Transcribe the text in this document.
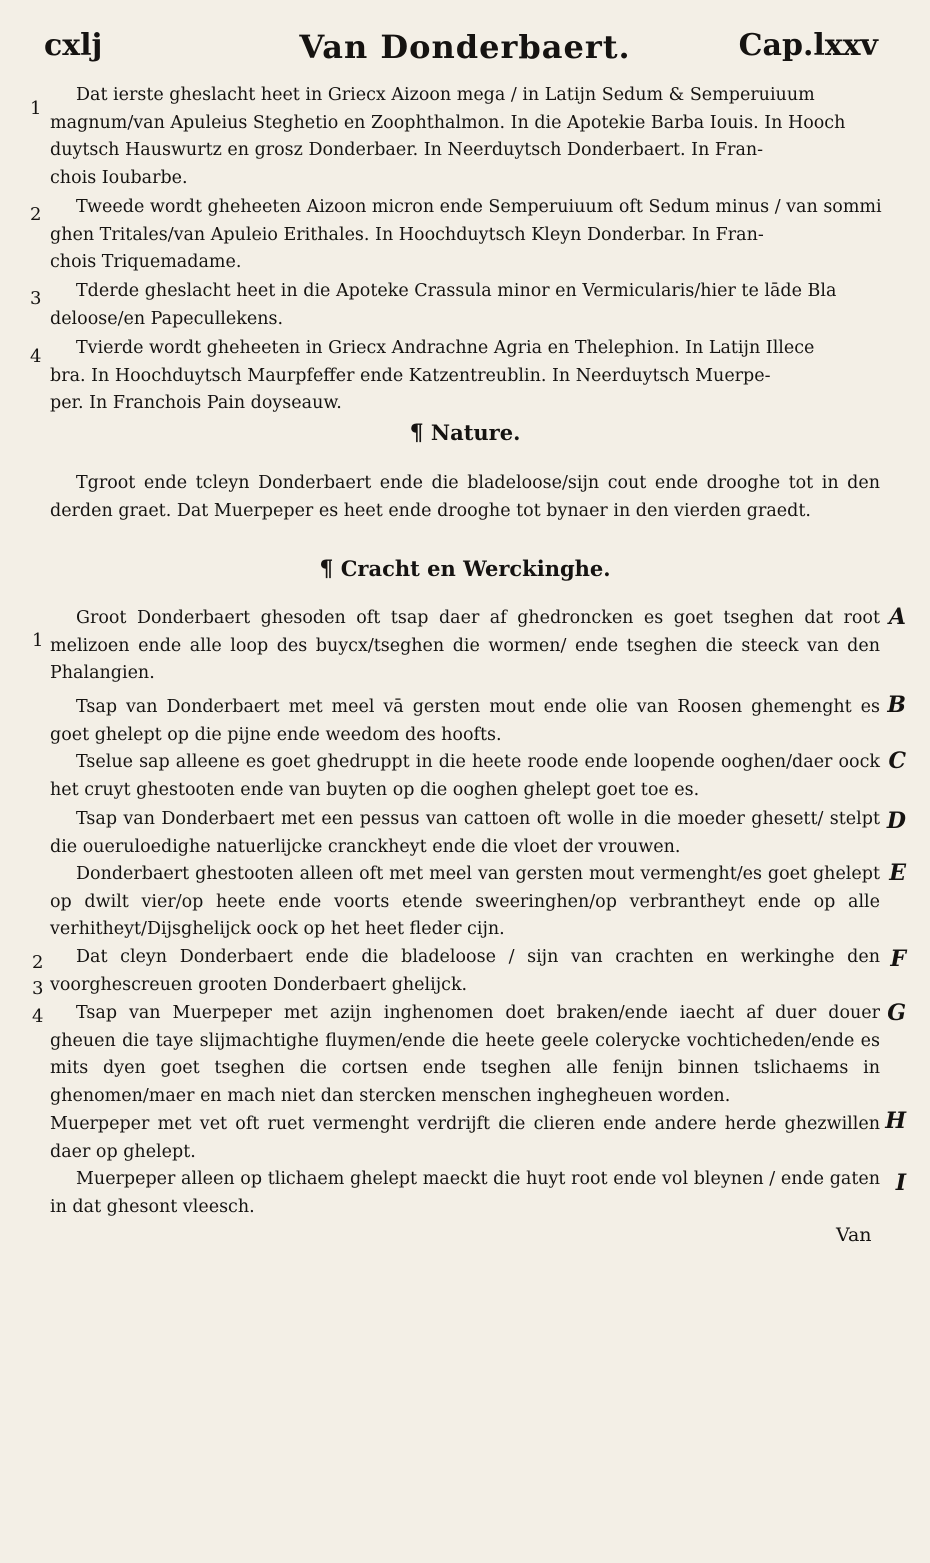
cxlj	Van Donderbaert.	Cap.lxxv
1
Dat ierste gheslacht heet in Griecx Aizoon mega / in Latijn Sedum & Semperuiuum
magnum/van Apuleius Steghetio en Zoophthalmon. In die Apotekie Barba Iouis. In Hooch
duytsch Hauswurtz en grosz Donderbaer. In Neerduytsch Donderbaert. In Fran-
chois Ioubarbe.
2	Tweede wordt gheheeten Aizoon micron ende Semperuiuum oft Sedum minus / van sommi
ghen Tritales/van Apuleio Erithales. In Hoochduytsch Kleyn Donderbar. In Fran-
chois Triquemadame.
3	Tderde gheslacht heet in die Apoteke Crassula minor en Vermicularis/hier te lāde Bla
deloose/en Papecullekens.
4	Tvierde wordt gheheeten in Griecx Andrachne Agria en Thelephion. In Latijn Illece
bra. In Hoochduytsch Maurpfeffer ende Katzentreublin. In Neerduytsch Muerpe-
per. In Franchois Pain doyseauw.
¶ Nature.
Tgroot ende tcleyn Donderbaert ende die bladeloose/sijn cout ende drooghe tot in den derden graet. Dat Muerpeper es heet ende drooghe tot bynaer in den vierden graedt.
¶ Cracht en Werckinghe.
Groot Donderbaert ghesoden oft tsap daer af ghedroncken es goet tseghen dat root melizoen ende alle loop des buycx/tseghen die wormen/ ende tseghen die steeck van den Phalangien.
Tsap van Donderbaert met meel vā gersten mout ende olie van Roosen ghemenght es goet ghelept op die pijne ende weedom des hoofts.
Tselue sap alleene es goet ghedruppt in die heete roode ende loopende ooghen/daer oock het cruyt ghestooten ende van buyten op die ooghen ghelept goet toe es.
Tsap van Donderbaert met een pessus van cattoen oft wolle in die moeder ghesett/ stelpt die oueruloedighe natuerlijcke cranckheyt ende die vloet der vrouwen.
Donderbaert ghestooten alleen oft met meel van gersten mout vermenght/es goet ghelept op dwilt vier/op heete ende voorts etende sweeringhen/op verbrantheyt ende op alle verhitheyt/Dijsghelijck oock op het heet fleder cijn.
Dat cleyn Donderbaert ende die bladeloose / sijn van crachten en werkinghe den voorghescreuen grooten Donderbaert ghelijck.
Tsap van Muerpeper met azijn inghenomen doet braken/ende iaecht af duer douer gheuen die taye slijmachtighe fluymen/ende die heete geele colerycke vochticheden/ende es mits dyen goet tseghen die cortsen ende tseghen alle fenijn binnen tslichaems in ghenomen/maer en mach niet dan stercken menschen inghegheuen worden.
Muerpeper met vet oft ruet vermenght verdrijft die clieren ende andere herde ghezwillen daer op ghelept.
Muerpeper alleen op tlichaem ghelept maeckt die huyt root ende vol bleynen / ende gaten in dat ghesont vleesch.
A
B
C
D
E
F
G
H
I
1
2
3
4
Van
